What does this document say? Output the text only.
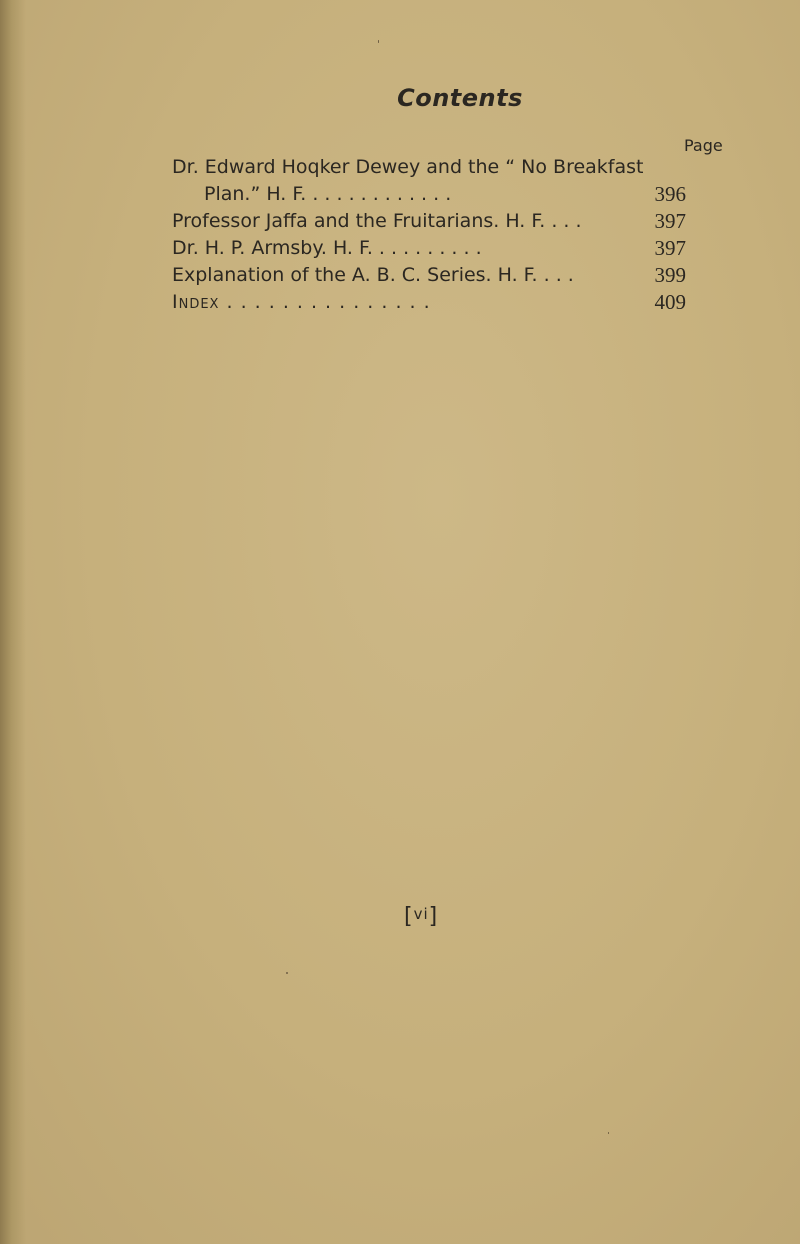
Contents
Page
Dr. Edward Hoqker Dewey and the “ No Breakfast
Plan.” H. F. . . . . . . . . . . . .	396
Professor Jaffa and the Fruitarians. H. F. . . .	397
Dr. H. P. Armsby. H. F. . . . . . . . . .	397
Explanation of the A. B. C. Series. H. F. . . .	399
Index . . . . . . . . . . . . . . .	409
[$^{vi}$]
